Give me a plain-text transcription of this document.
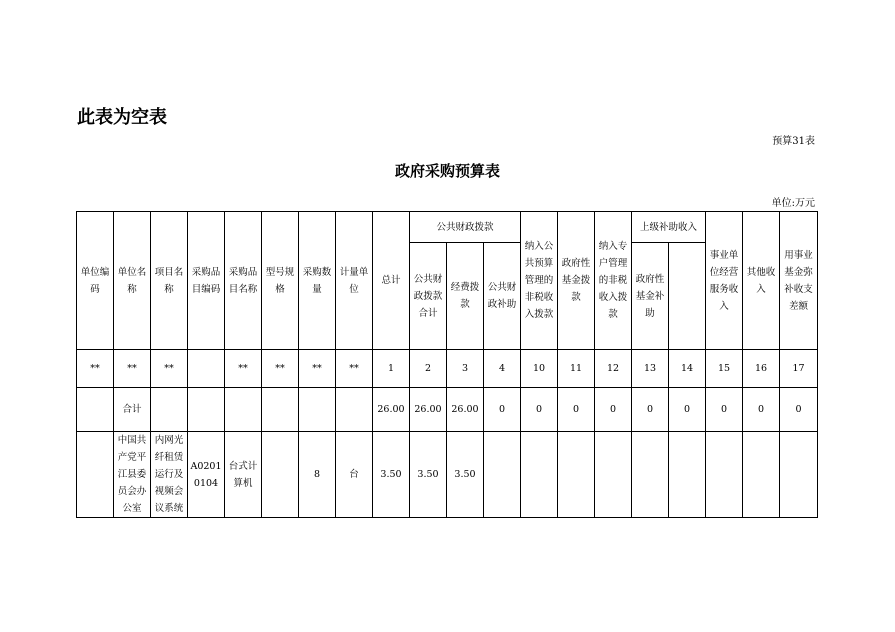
此表为空表
预算31表
政府采购预算表
单位:万元
单位编码	单位名称	项目名称	采购品目编码	采购品目名称	型号规格	采购数量	计量单位	总计	公共财政拨款			纳入公共预算管理的非税收入拨款	政府性基金拨款	纳入专户管理的非税收入拨款	上级补助收入		事业单位经营服务收入	其他收入	用事业基金弥补收支差额	
									公共财政拨款合计	经费拨款	公共财政补助				政府性基金补助					
**	**	**		**	**	**	**	1	2	3	4	10	11	12	13	14	15	16	17	
	合计							26.00	26.00	26.00	0	0	0	0	0	0	0	0	0	
	中国共产党平江县委员会办公室	内网光纤租赁运行及视频会议系统	A02010104	台式计算机		8	台	3.50	3.50	3.50										
